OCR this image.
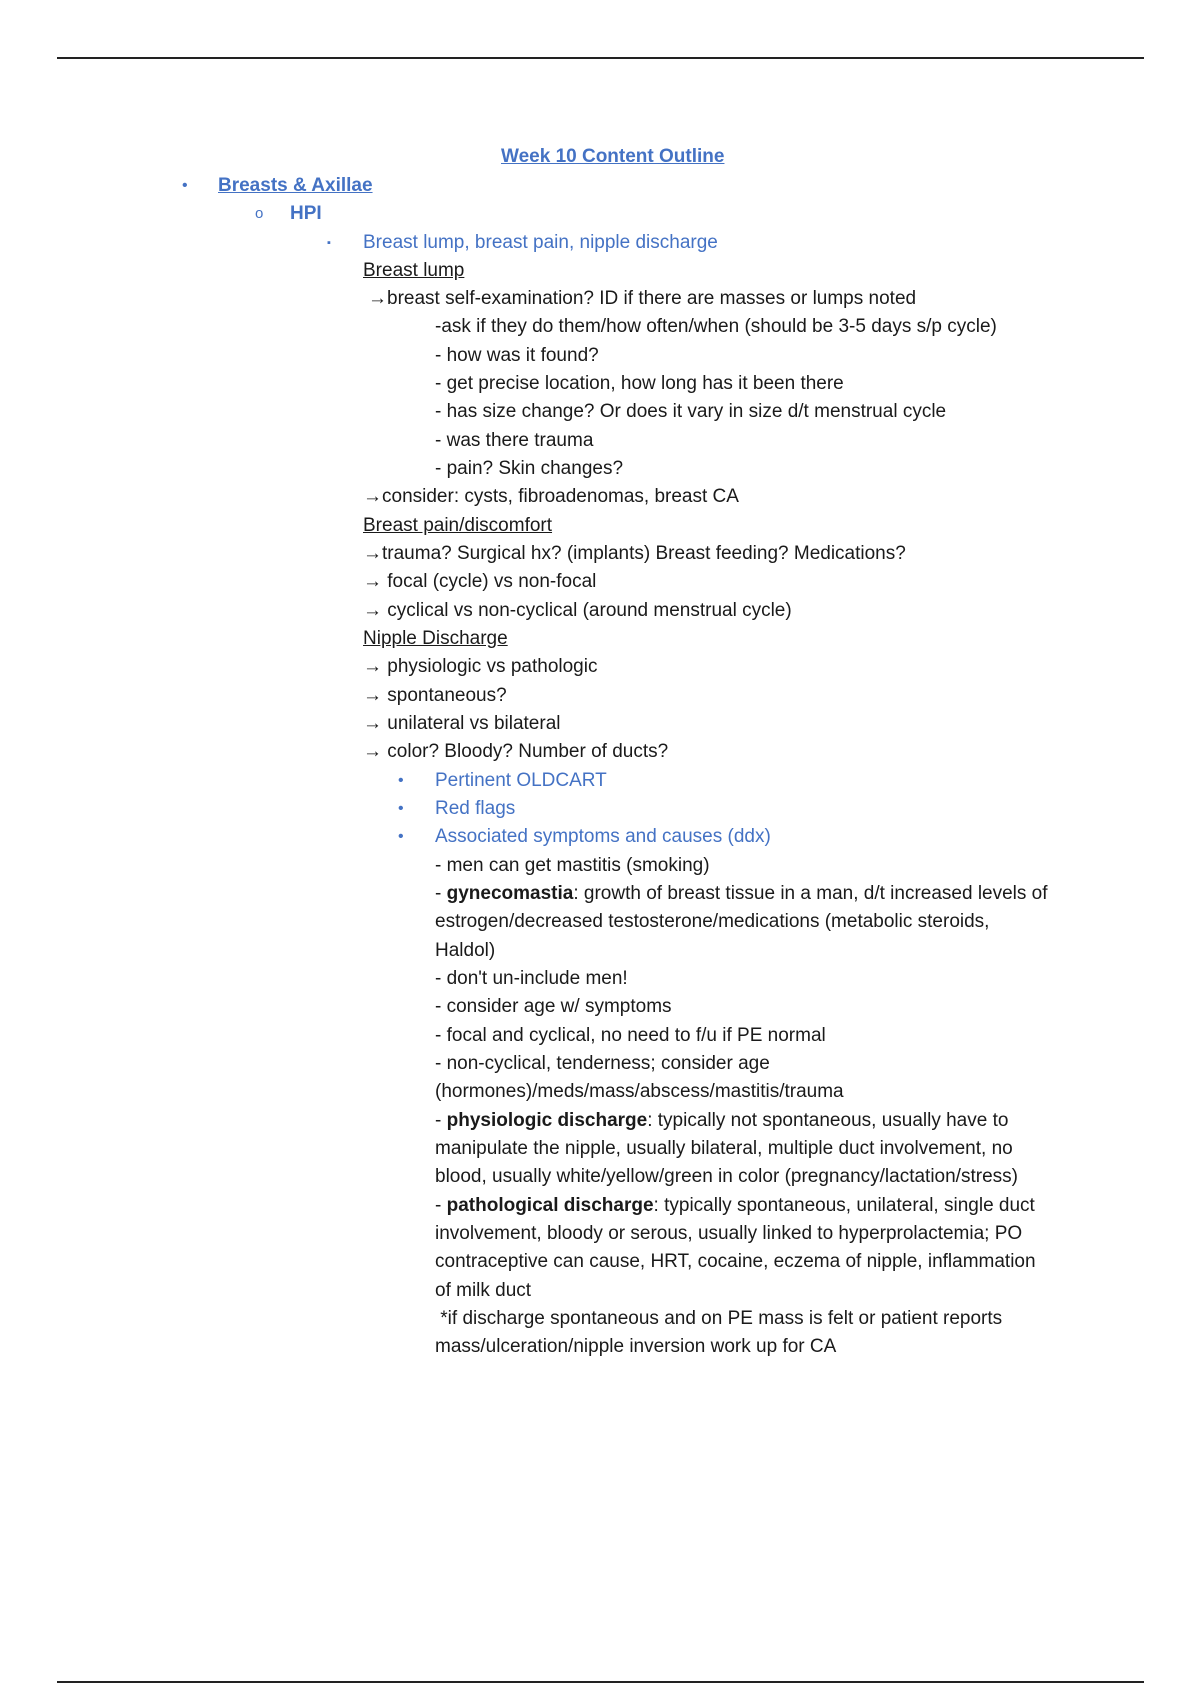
Week 10 Content Outline
• Breasts & Axillae
o HPI
▪ Breast lump, breast pain, nipple discharge
Breast lump
→breast self-examination? ID if there are masses or lumps noted
-ask if they do them/how often/when (should be 3-5 days s/p cycle)
- how was it found?
- get precise location, how long has it been there
- has size change? Or does it vary in size d/t menstrual cycle
- was there trauma
- pain? Skin changes?
→consider: cysts, fibroadenomas, breast CA
Breast pain/discomfort
→trauma? Surgical hx? (implants) Breast feeding? Medications?
→ focal (cycle) vs non-focal
→ cyclical vs non-cyclical (around menstrual cycle)
Nipple Discharge
→ physiologic vs pathologic
→ spontaneous?
→ unilateral vs bilateral
→ color? Bloody? Number of ducts?
• Pertinent OLDCART
• Red flags
• Associated symptoms and causes (ddx)
- men can get mastitis (smoking)
- gynecomastia: growth of breast tissue in a man, d/t increased levels of
estrogen/decreased testosterone/medications (metabolic steroids,
Haldol)
- don't un-include men!
- consider age w/ symptoms
- focal and cyclical, no need to f/u if PE normal
- non-cyclical, tenderness; consider age
(hormones)/meds/mass/abscess/mastitis/trauma
- physiologic discharge: typically not spontaneous, usually have to
manipulate the nipple, usually bilateral, multiple duct involvement, no
blood, usually white/yellow/green in color (pregnancy/lactation/stress)
- pathological discharge: typically spontaneous, unilateral, single duct
involvement, bloody or serous, usually linked to hyperprolactemia; PO
contraceptive can cause, HRT, cocaine, eczema of nipple, inflammation
of milk duct
*if discharge spontaneous and on PE mass is felt or patient reports
mass/ulceration/nipple inversion work up for CA
